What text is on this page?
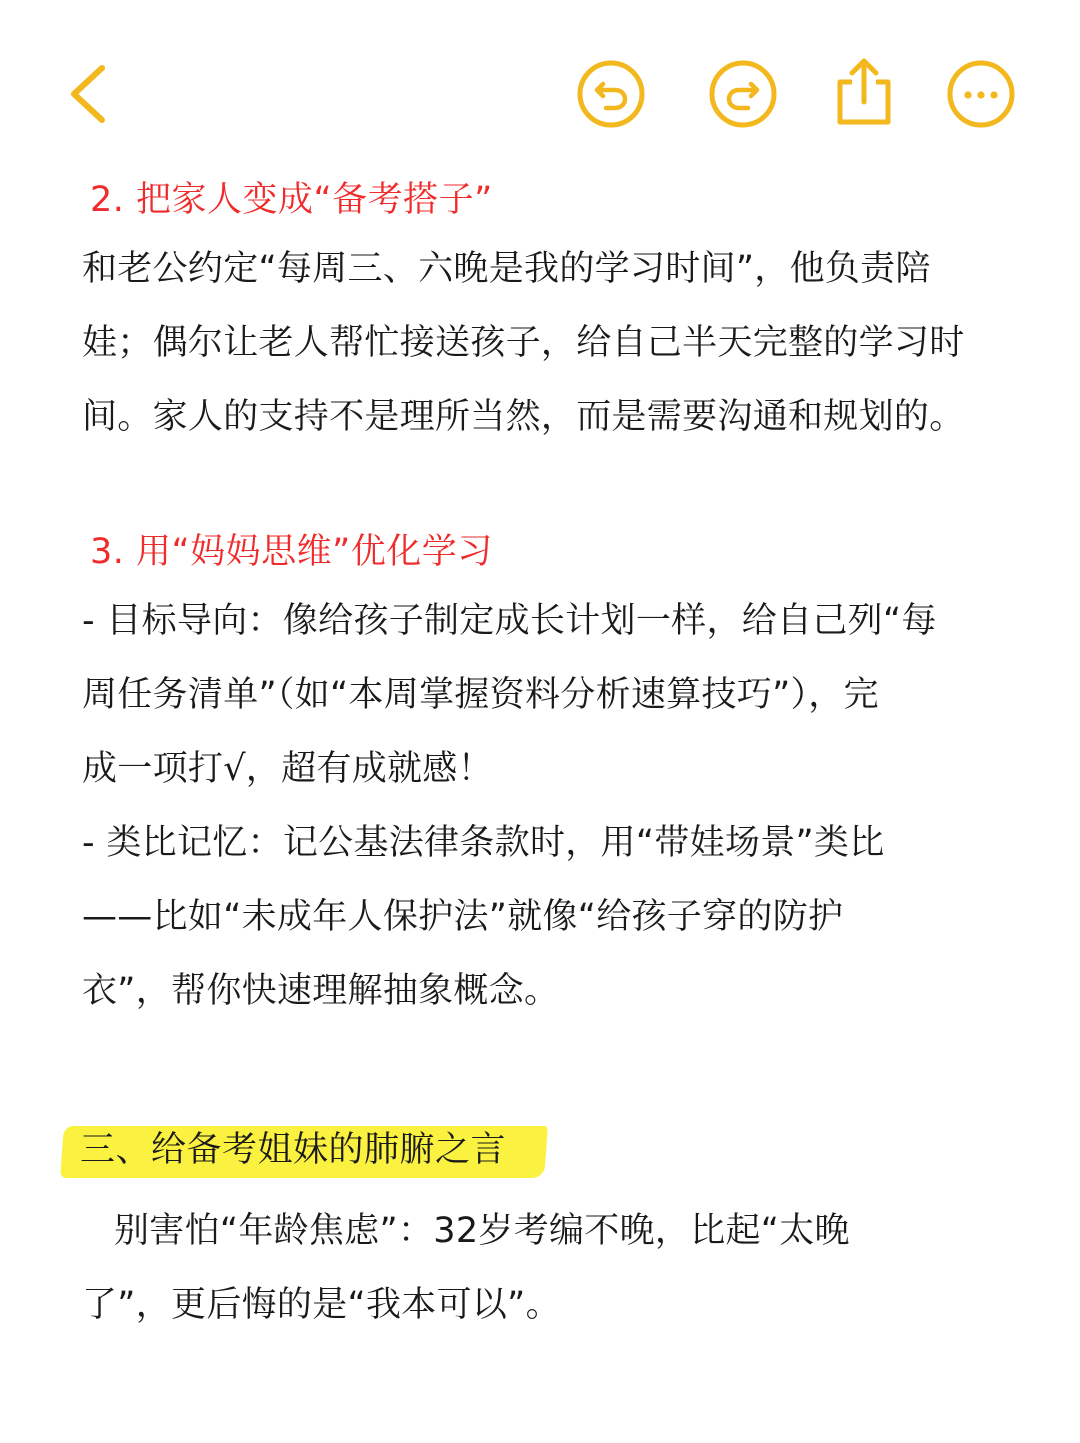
2. 把家人变成“备考搭子”

和老公约定“每周三、六晚是我的学习时间”，他负责陪

娃；偶尔让老人帮忙接送孩子，给自己半天完整的学习时

间。家人的支持不是理所当然，而是需要沟通和规划的。

3. 用“妈妈思维”优化学习

- 目标导向：像给孩子制定成长计划一样，给自己列“每

周任务清单”（如“本周掌握资料分析速算技巧”），完

成一项打√，超有成就感！

- 类比记忆：记公基法律条款时，用“带娃场景”类比

——比如“未成年人保护法”就像“给孩子穿的防护

衣”，帮你快速理解抽象概念。

三、给备考姐妹的肺腑之言

别害怕“年龄焦虑”：32岁考编不晚，比起“太晚

了”，更后悔的是“我本可以”。
